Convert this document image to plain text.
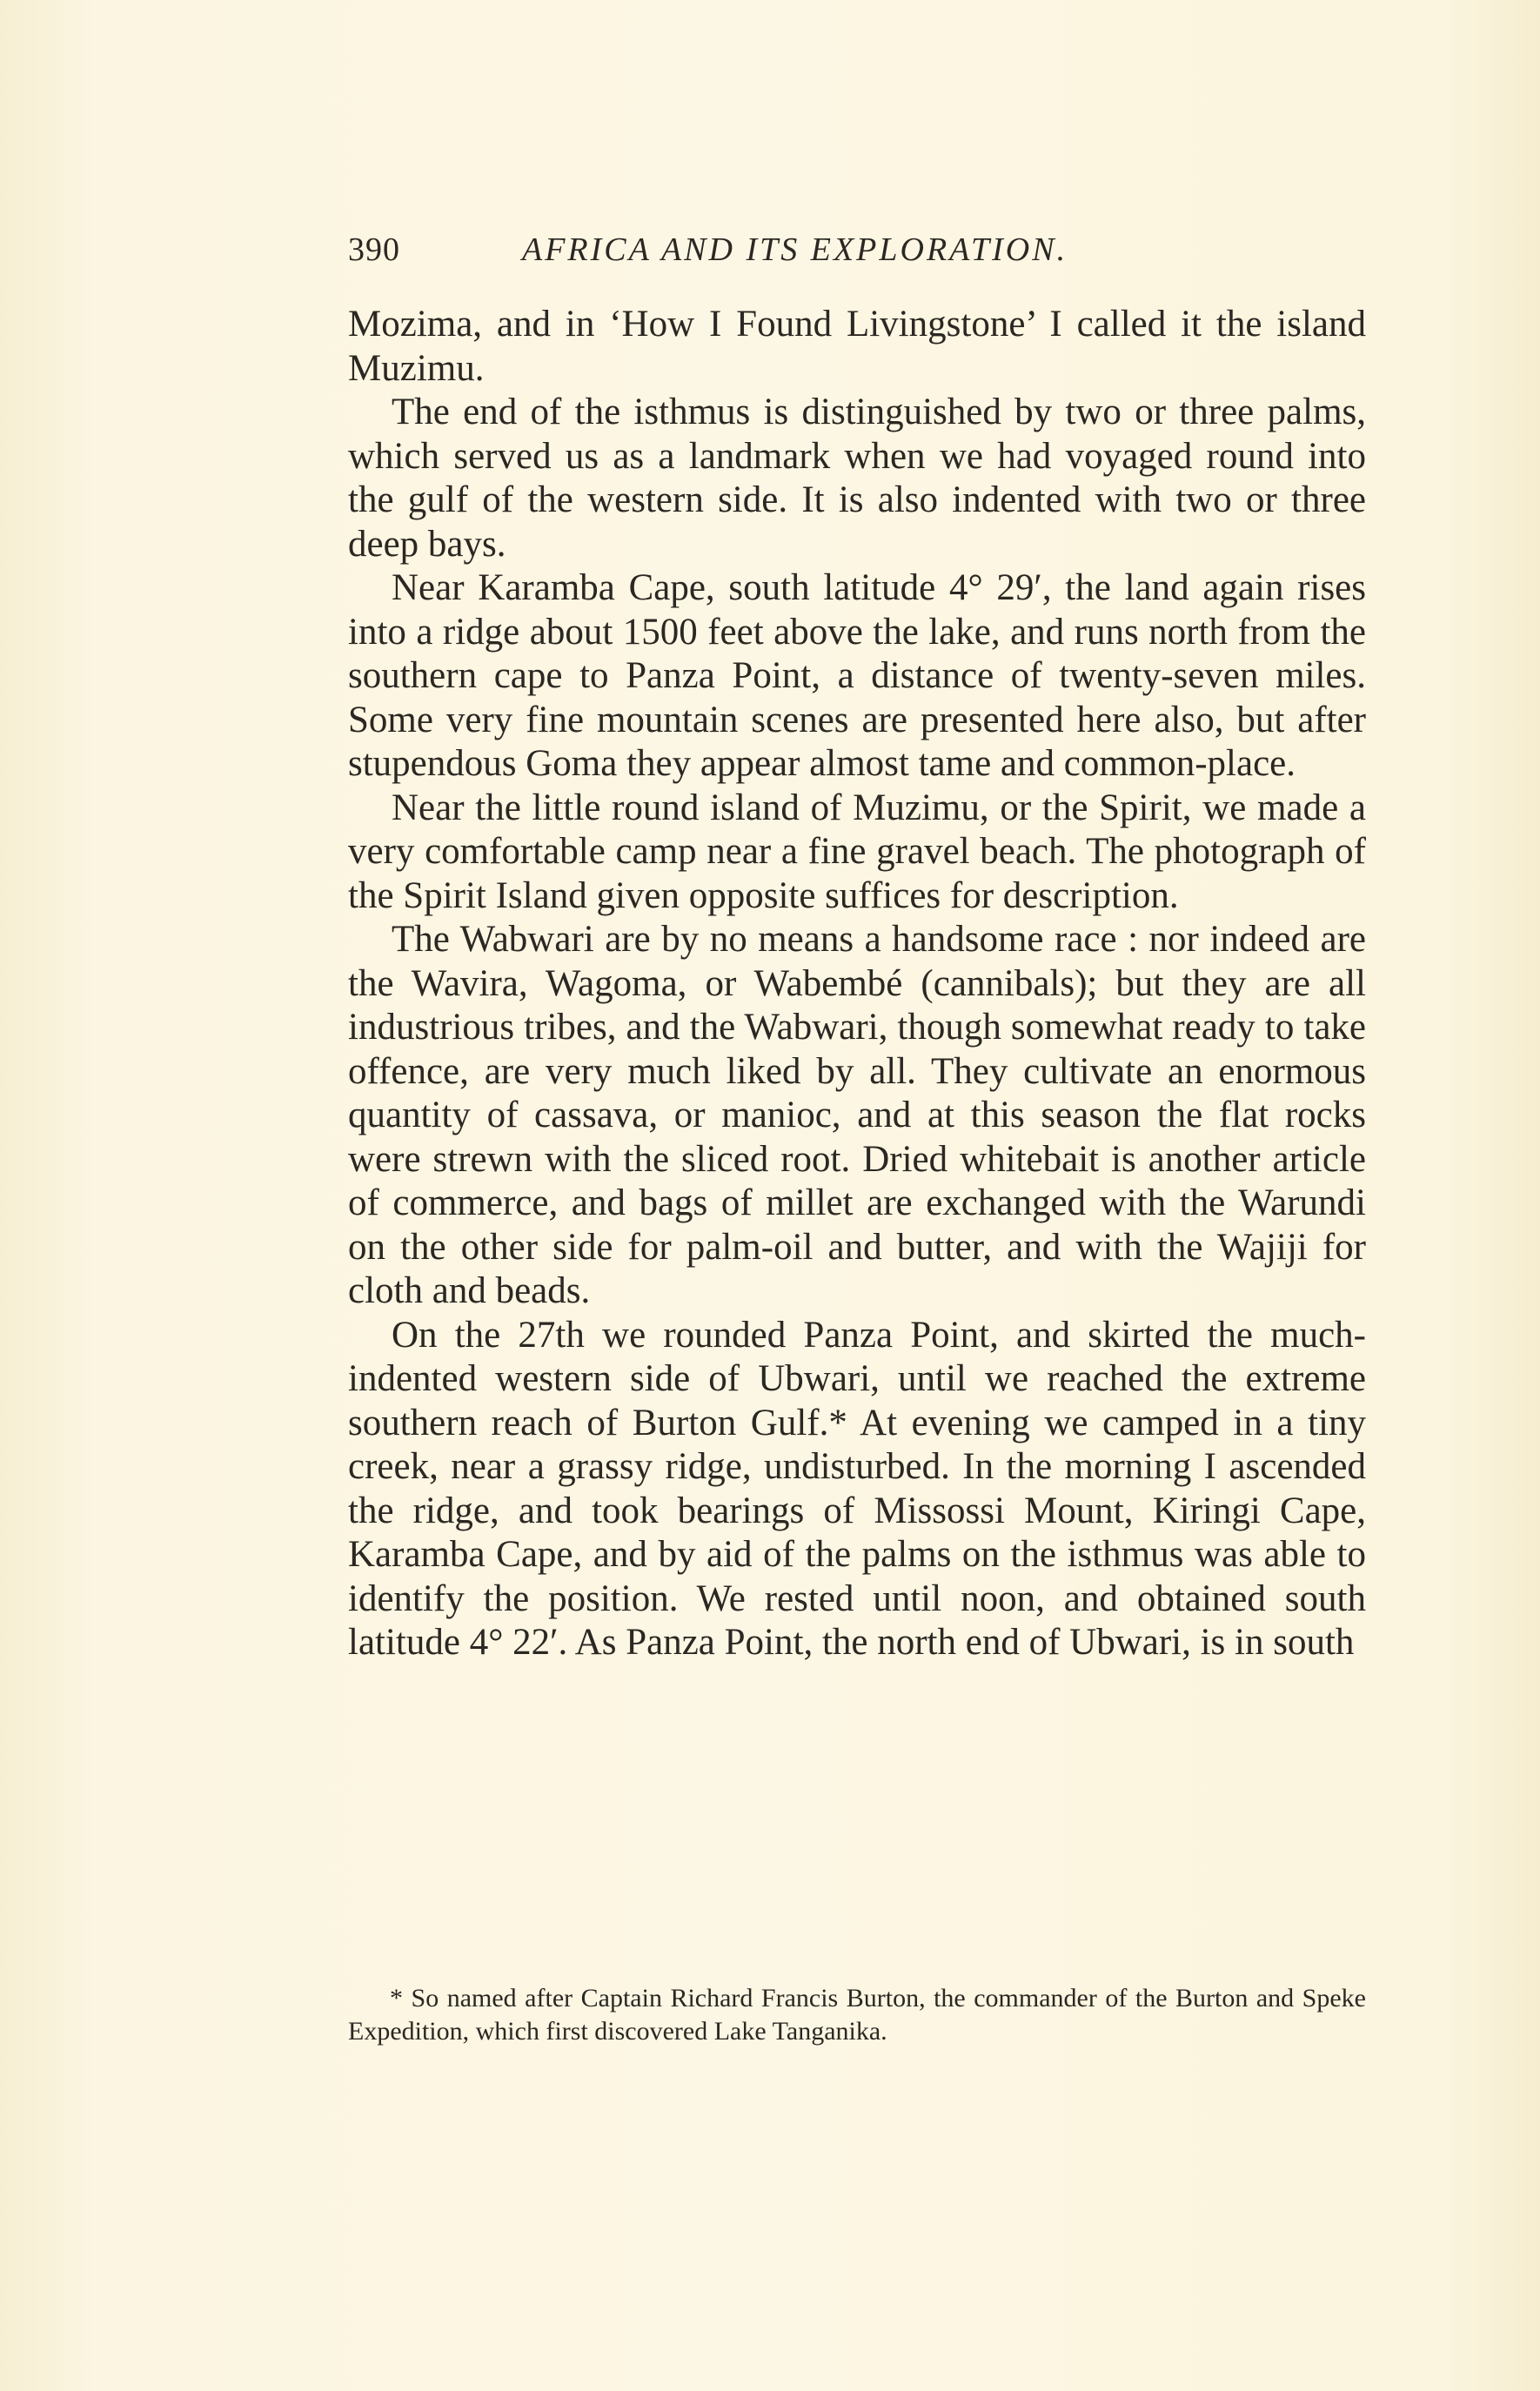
390	AFRICA AND ITS EXPLORATION.

Mozima, and in ‘How I Found Livingstone’ I called it the island Muzimu.

The end of the isthmus is distinguished by two or three palms, which served us as a landmark when we had voyaged round into the gulf of the western side. It is also indented with two or three deep bays.

Near Karamba Cape, south latitude 4° 29′, the land again rises into a ridge about 1500 feet above the lake, and runs north from the southern cape to Panza Point, a distance of twenty-seven miles. Some very fine mountain scenes are presented here also, but after stupendous Goma they appear almost tame and common-place.

Near the little round island of Muzimu, or the Spirit, we made a very comfortable camp near a fine gravel beach. The photograph of the Spirit Island given opposite suffices for description.

The Wabwari are by no means a handsome race : nor indeed are the Wavira, Wagoma, or Wabembé (cannibals); but they are all industrious tribes, and the Wabwari, though somewhat ready to take offence, are very much liked by all. They cultivate an enormous quantity of cassava, or manioc, and at this season the flat rocks were strewn with the sliced root. Dried whitebait is another article of commerce, and bags of millet are exchanged with the Warundi on the other side for palm-oil and butter, and with the Wajiji for cloth and beads.

On the 27th we rounded Panza Point, and skirted the much-indented western side of Ubwari, until we reached the extreme southern reach of Burton Gulf.* At evening we camped in a tiny creek, near a grassy ridge, undisturbed. In the morning I ascended the ridge, and took bearings of Missossi Mount, Kiringi Cape, Karamba Cape, and by aid of the palms on the isthmus was able to identify the position. We rested until noon, and obtained south latitude 4° 22′. As Panza Point, the north end of Ubwari, is in south

* So named after Captain Richard Francis Burton, the commander of the Burton and Speke Expedition, which first discovered Lake Tanganika.
